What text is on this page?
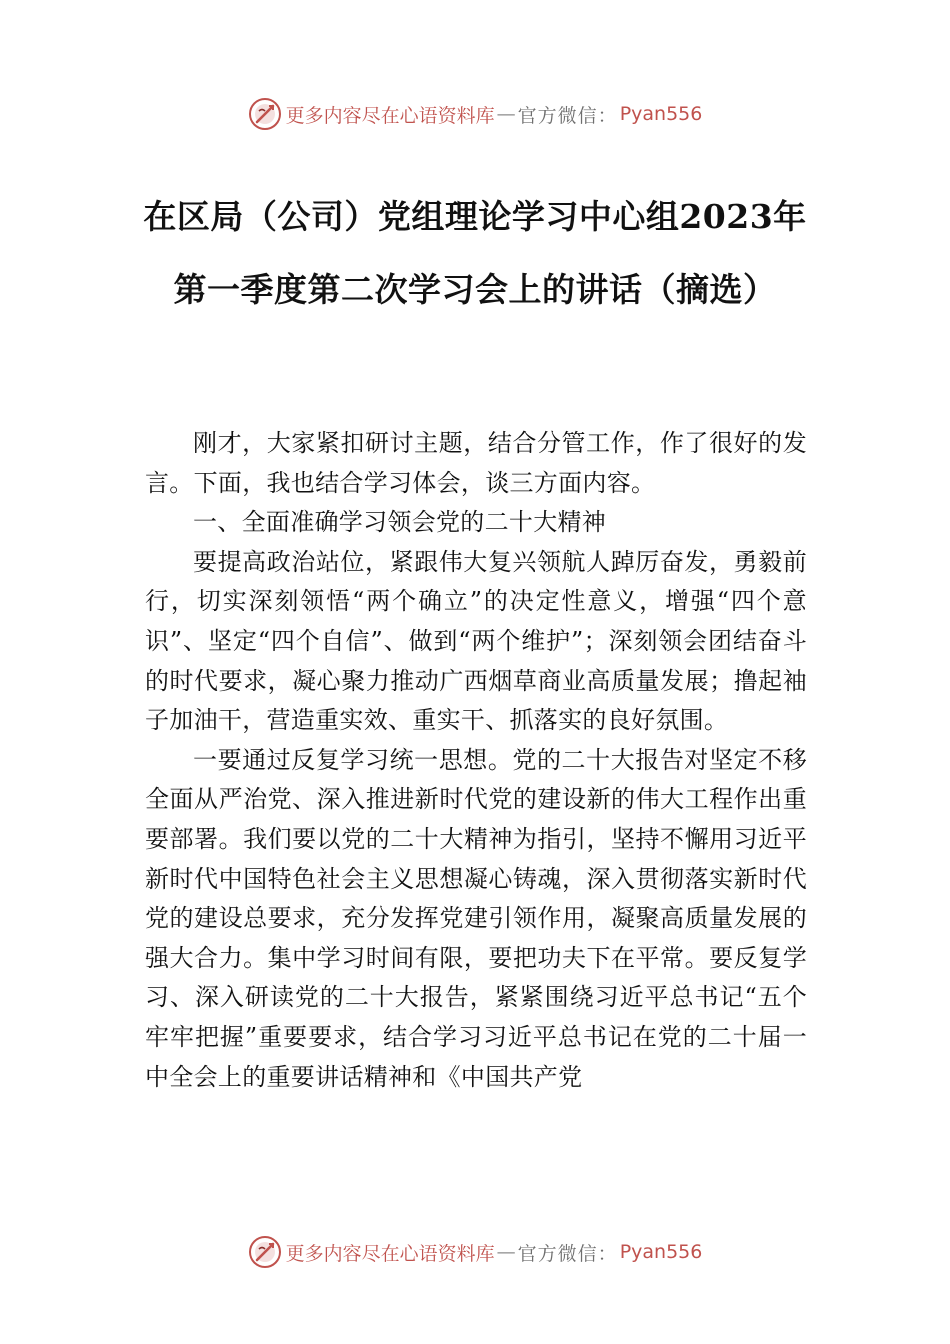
更多内容尽在心语资料库 — 官方微信： Pyan556
在区局（公司）党组理论学习中心组2023年第一季度第二次学习会上的讲话（摘选）

刚才，大家紧扣研讨主题，结合分管工作，作了很好的发言。下面，我也结合学习体会，谈三方面内容。

一、全面准确学习领会党的二十大精神

要提高政治站位，紧跟伟大复兴领航人踔厉奋发，勇毅前行，切实深刻领悟“两个确立”的决定性意义，增强“四个意识”、坚定“四个自信”、做到“两个维护”；深刻领会团结奋斗的时代要求，凝心聚力推动广西烟草商业高质量发展；撸起袖子加油干，营造重实效、重实干、抓落实的良好氛围。

一要通过反复学习统一思想。党的二十大报告对坚定不移全面从严治党、深入推进新时代党的建设新的伟大工程作出重要部署。我们要以党的二十大精神为指引，坚持不懈用习近平新时代中国特色社会主义思想凝心铸魂，深入贯彻落实新时代党的建设总要求，充分发挥党建引领作用，凝聚高质量发展的强大合力。集中学习时间有限，要把功夫下在平常。要反复学习、深入研读党的二十大报告，紧紧围绕习近平总书记“五个牢牢把握”重要要求，结合学习习近平总书记在党的二十届一中全会上的重要讲话精神和《中国共产党

更多内容尽在心语资料库 — 官方微信： Pyan556
